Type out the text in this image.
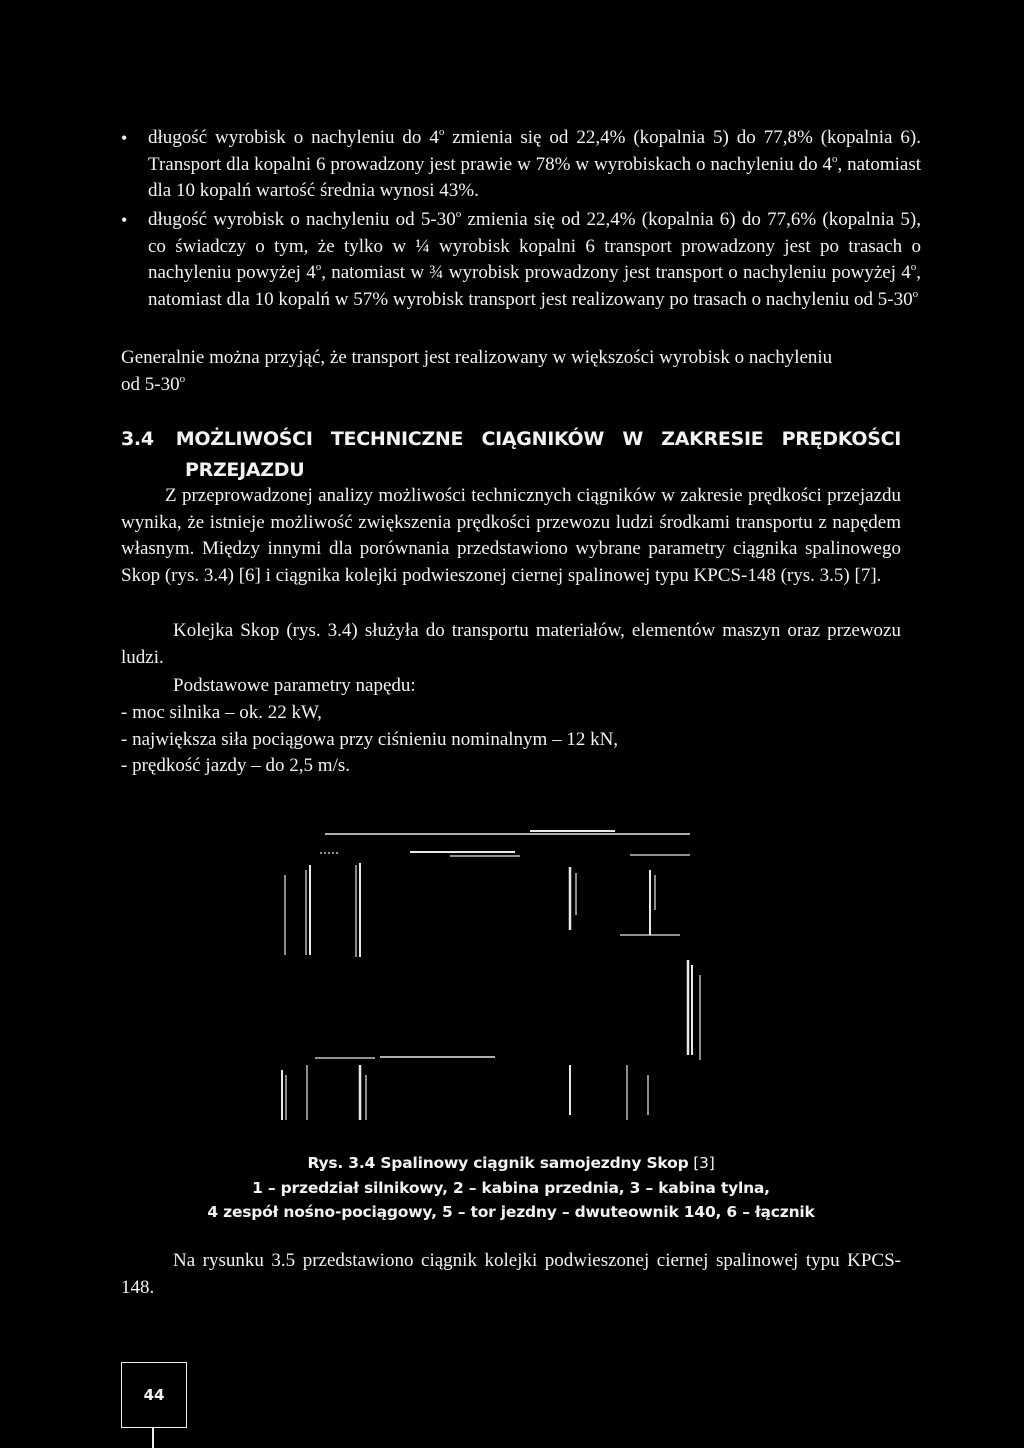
• długość wyrobisk o nachyleniu do 4$^o$ zmienia się od 22,4% (kopalnia 5) do 77,8% (kopalnia 6). Transport dla kopalni 6 prowadzony jest prawie w 78% w wyrobiskach o nachyleniu do 4$^o$, natomiast dla 10 kopalń wartość średnia wynosi 43%.
• długość wyrobisk o nachyleniu od 5-30$^o$ zmienia się od 22,4% (kopalnia 6) do 77,6% (kopalnia 5), co świadczy o tym, że tylko w ¼ wyrobisk kopalni 6 transport prowadzony jest po trasach o nachyleniu powyżej 4$^o$, natomiast w ¾ wyrobisk prowadzony jest transport o nachyleniu powyżej 4$^o$, natomiast dla 10 kopalń w 57% wyrobisk transport jest realizowany po trasach o nachyleniu od 5-30$^o$
Generalnie można przyjąć, że transport jest realizowany w większości wyrobisk o nachyleniu
od 5-30$^o$
3.4 MOŻLIWOŚCI TECHNICZNE CIĄGNIKÓW W ZAKRESIE PRĘDKOŚCI
PRZEJAZDU
Z przeprowadzonej analizy możliwości technicznych ciągników w zakresie prędkości przejazdu wynika, że istnieje możliwość zwiększenia prędkości przewozu ludzi środkami transportu z napędem własnym. Między innymi dla porównania przedstawiono wybrane parametry ciągnika spalinowego Skop (rys. 3.4) [6] i ciągnika kolejki podwieszonej ciernej spalinowej typu KPCS-148 (rys. 3.5) [7].
Kolejka Skop (rys. 3.4) służyła do transportu materiałów, elementów maszyn oraz przewozu ludzi.
Podstawowe parametry napędu:
- moc silnika – ok. 22 kW,
- największa siła pociągowa przy ciśnieniu nominalnym – 12 kN,
- prędkość jazdy – do 2,5 m/s.
Rys. 3.4 Spalinowy ciągnik samojezdny Skop [3]
1 – przedział silnikowy, 2 – kabina przednia, 3 – kabina tylna,
4 zespół nośno-pociągowy, 5 – tor jezdny – dwuteownik 140, 6 – łącznik
Na rysunku 3.5 przedstawiono ciągnik kolejki podwieszonej ciernej spalinowej typu KPCS-148.
44
